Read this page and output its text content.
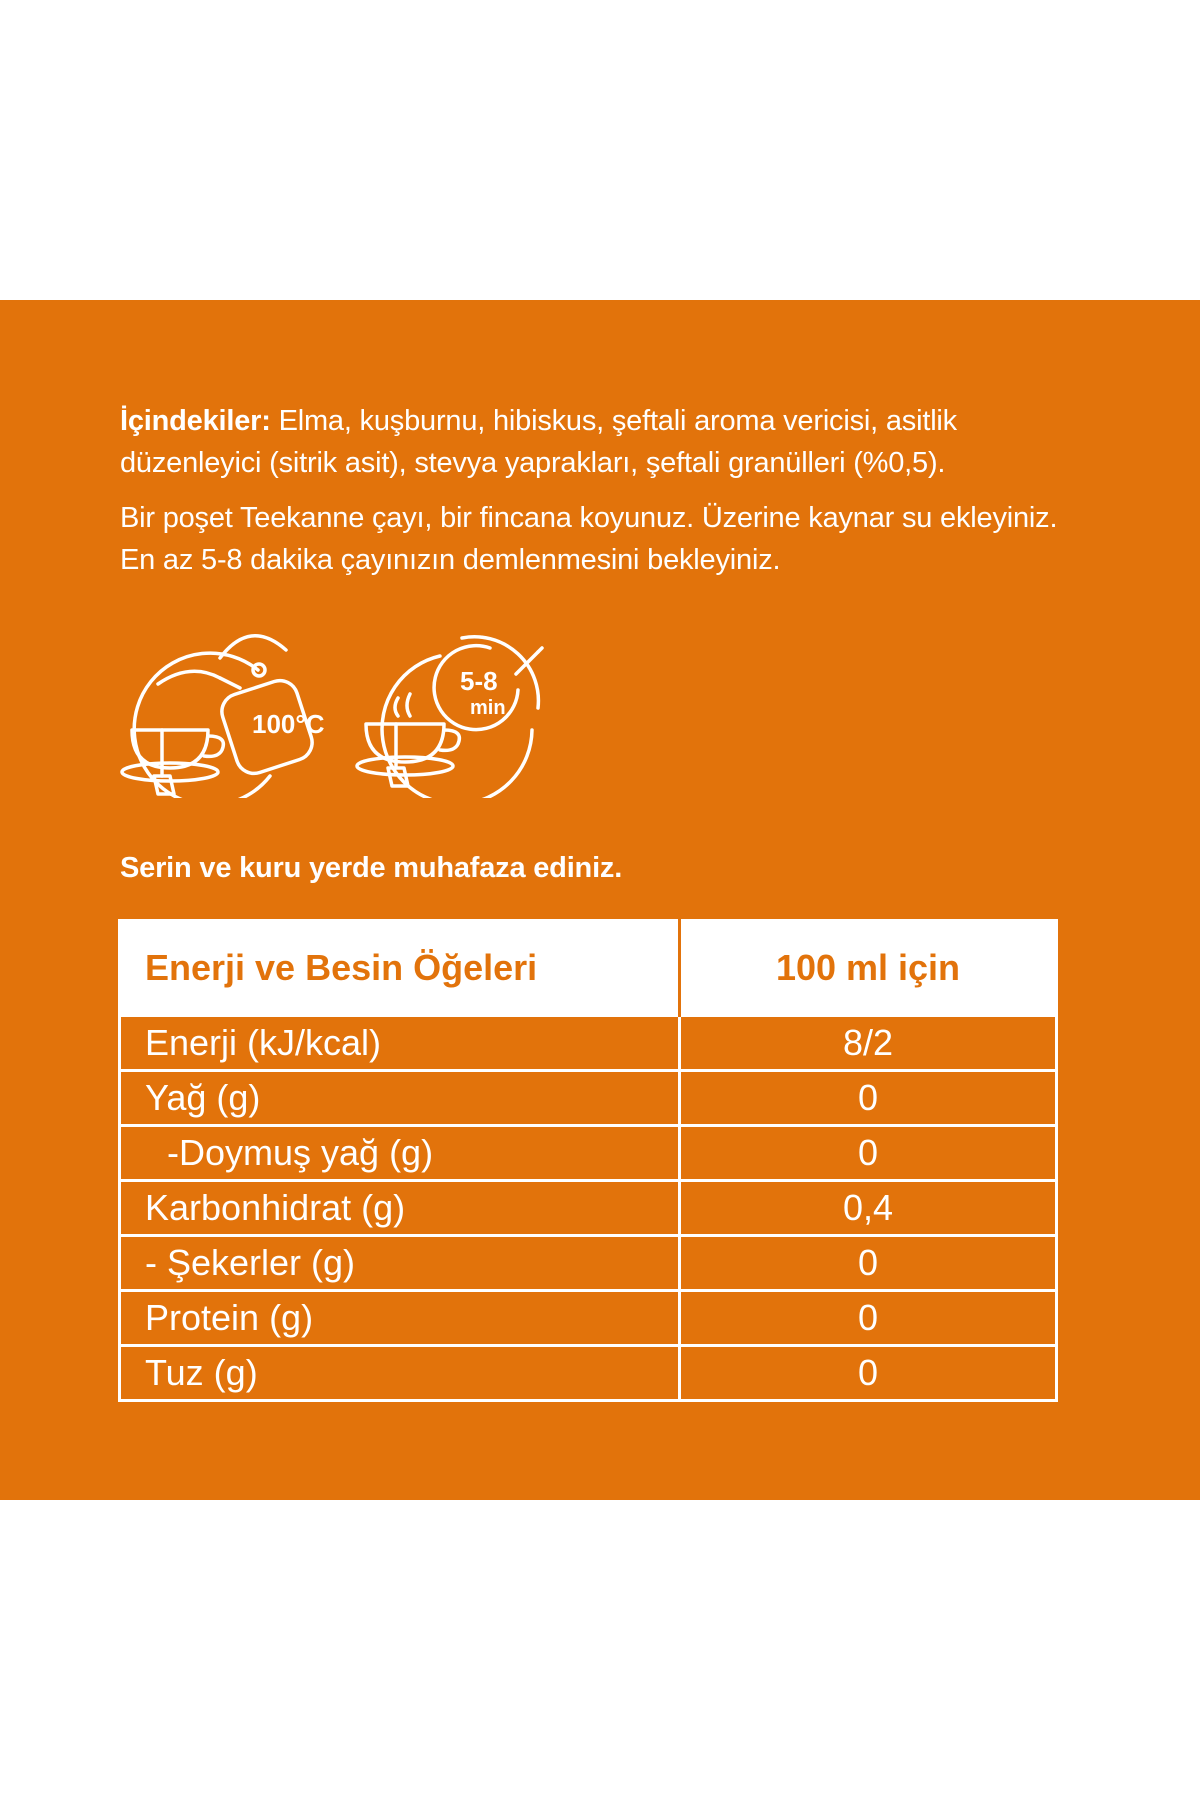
İçindekiler: Elma, kuşburnu, hibiskus, şeftali aroma vericisi, asitlik düzenleyici (sitrik asit), stevya yaprakları, şeftali granülleri (%0,5).

Bir poşet Teekanne çayı, bir fincana koyunuz. Üzerine kaynar su ekleyiniz. En az 5-8 dakika çayınızın demlenmesini bekleyiniz.

100°C
5-8
min
Serin ve kuru yerde muhafaza ediniz.
Enerji ve Besin Öğeleri	100 ml için
Enerji (kJ/kcal)	8/2
Yağ (g)	0
-Doymuş yağ (g)	0
Karbonhidrat (g)	0,4
- Şekerler (g)	0
Protein (g)	0
Tuz (g)	0
